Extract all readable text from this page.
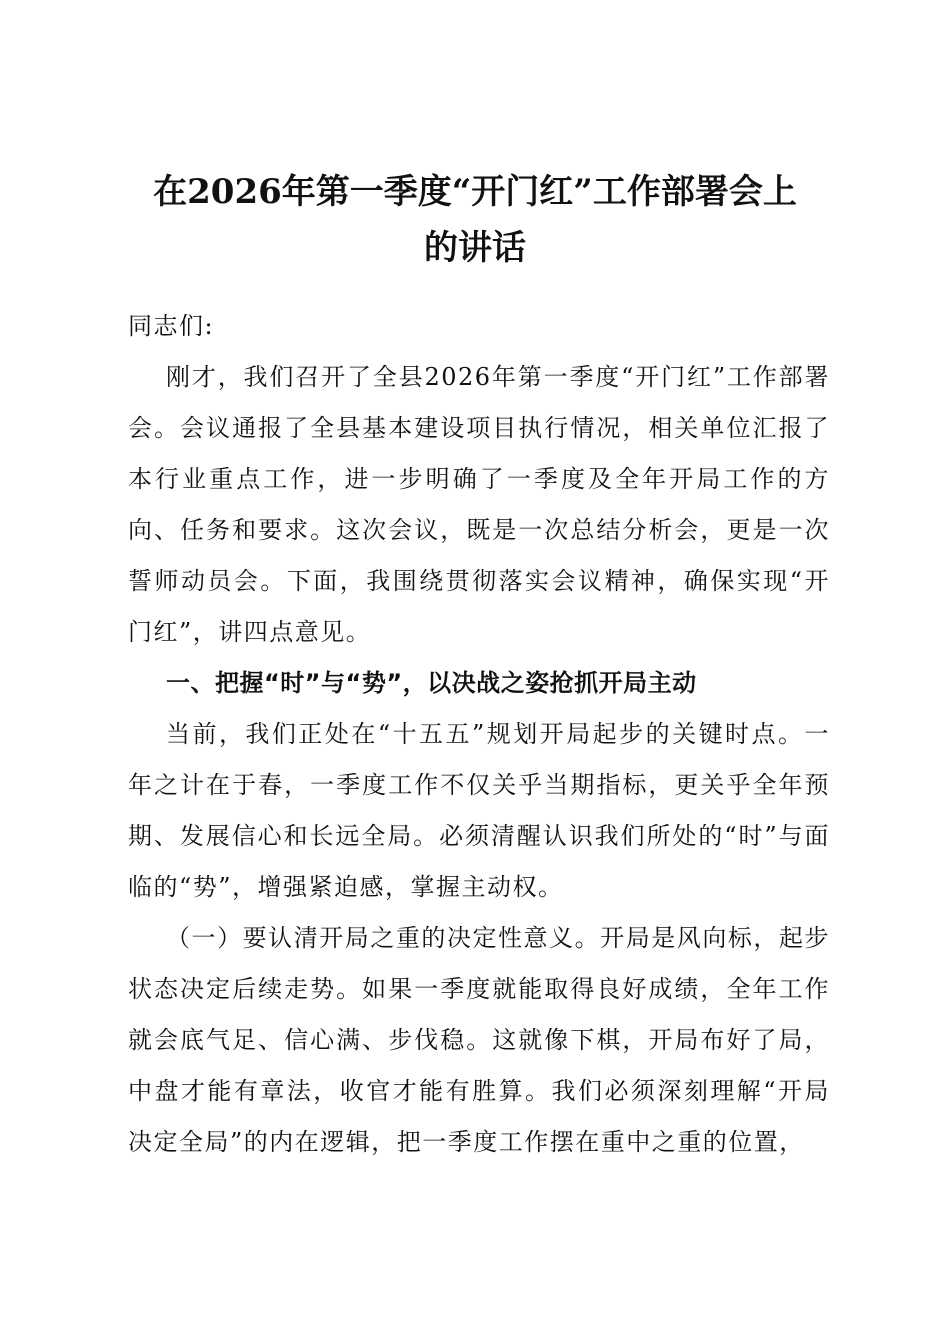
在2026年第一季度“开门红”工作部署会上
的讲话

同志们:

刚才，我们召开了全县2026年第一季度“开门红”工作部署会。会议通报了全县基本建设项目执行情况，相关单位汇报了本行业重点工作，进一步明确了一季度及全年开局工作的方向、任务和要求。这次会议，既是一次总结分析会，更是一次誓师动员会。下面，我围绕贯彻落实会议精神，确保实现“开门红”，讲四点意见。

一、把握“时”与“势”，以决战之姿抢抓开局主动

当前，我们正处在“十五五”规划开局起步的关键时点。一年之计在于春，一季度工作不仅关乎当期指标，更关乎全年预期、发展信心和长远全局。必须清醒认识我们所处的“时”与面临的“势”，增强紧迫感，掌握主动权。

（一）要认清开局之重的决定性意义。开局是风向标，起步状态决定后续走势。如果一季度就能取得良好成绩，全年工作就会底气足、信心满、步伐稳。这就像下棋，开局布好了局，中盘才能有章法，收官才能有胜算。我们必须深刻理解“开局决定全局”的内在逻辑，把一季度工作摆在重中之重的位置，
